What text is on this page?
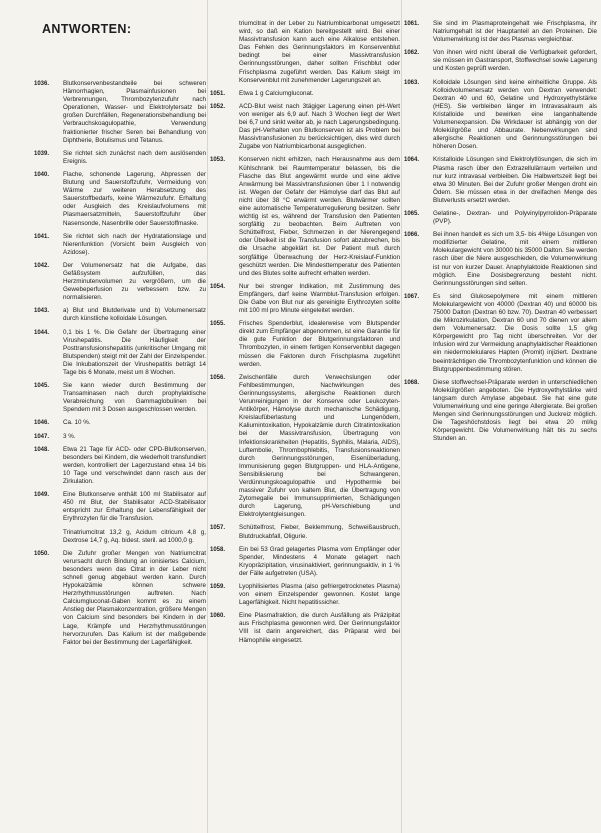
ANTWORTEN:
1036.	Blutkonservenbestandteile bei schweren Hämorrhagien, Plasmainfusionen bei Verbrennungen, Thrombozytenzufuhr nach Operationen, Wasser- und Elektrolytersatz bei großen Durchfällen, Regenerationsbehandlung bei Verbrauchskoagulopathie, Verwendung fraktionierter frischer Seren bei Behandlung von Diphtherie, Botulismus und Tetanus.
1039.	Sie richtet sich zunächst nach dem auslösenden Ereignis.
1040.	Flache, schonende Lagerung, Abpressen der Blutung und Sauerstoffzufuhr, Vermeidung von Wärme zur weiteren Herabsetzung des Sauerstoffbedarfs, keine Wärmezufuhr. Erhaltung oder Ausgleich des Kreislaufvolumens mit Plasmaersatzmitteln, Sauerstoffzufuhr über Nasensonde, Nasenbrille oder Sauerstoffmaske.
1041.	Sie richtet sich nach der Hydratationslage und Nierenfunktion (Vorsicht beim Ausgleich von Azidose).
1042.	Der Volumenersatz hat die Aufgabe, das Gefäßsystem aufzufüllen, das Herzminutenvolumen zu vergrößern, um die Gewebeperfusion zu verbessern bzw. zu normalisieren.
1043.	a) Blut und Blutderivate und b) Volumenersatz durch künstliche kolloidale Lösungen.
1044.	0,1 bis 1 %. Die Gefahr der Übertragung einer Virushepatitis. Die Häufigkeit der Posttransfusionshepatitis (unkritischer Umgang mit Blutspenden) steigt mit der Zahl der Einzelspender. Die Inkubationszeit der Virushepatitis beträgt 14 Tage bis 6 Monate, meist um 8 Wochen.
1045.	Sie kann wieder durch Bestimmung der Transaminasen nach durch prophylaktische Verabreichung von Gammaglobulinen bei Spendern mit 3 Dosen ausgeschlossen werden.
1046.	Ca. 10 %.
1047.	3 %.
1048.	Etwa 21 Tage für ACD- oder CPD-Blutkonserven, besonders bei Kindern, die wiederholt transfundiert werden, kontrolliert der Lagerzustand etwa 14 bis 10 Tage und verschwindet dann rasch aus der Zirkulation.
1049.	Eine Blutkonserve enthält 100 ml Stabilisator auf 450 ml Blut, der Stabilisator ACD-Stabilisator entspricht zur Erhaltung der Lebensfähigkeit der Erythrozyten für die Transfusion.
Trinatriumcitrat 13,2 g, Acidum citricum 4,8 g, Dextrose 14,7 g, Aq. bidest. steril. ad 1000,0 g.
1050.	Die Zufuhr großer Mengen von Natriumcitrat verursacht durch Bindung an ionisiertes Calcium, besonders wenn das Citrat in der Leber nicht schnell genug abgebaut werden kann. Durch Hypokalzämie können schwere Herzrhythmusstörungen auftreten. Nach Calciumgluconat-Gaben kommt es zu einem Anstieg der Plasmakonzentration, größere Mengen von Calcium sind besonders bei Kindern in der Lage, Krämpfe und Herzrhythmusstörungen hervorzurufen. Das Kalium ist der maßgebende Faktor bei der Bestimmung der Lagerfähigkeit.
triumcitrat in der Leber zu Natriumbicarbonat umgesetzt wird, so daß ein Kation bereitgestellt wird. Bei einer Massivtransfusion kann auch eine Alkalose entstehen. Das Fehlen des Gerinnungsfaktors im Konservenblut bedingt bei einer Massivtransfusion Gerinnungsstörungen, daher sollten Frischblut oder Frischplasma zugeführt werden. Das Kalium steigt im Konservenblut mit zunehmender Lagerungszeit an.
1051.	Etwa 1 g Calciumgluconat.
1052.	ACD-Blut weist nach 3tägiger Lagerung einen pH-Wert von weniger als 6,9 auf. Nach 3 Wochen liegt der Wert bei 6,7 und sinkt weiter ab, je nach Lagerungsbedingung. Das pH-Verhalten von Blutkonserven ist als Problem bei Massivtransfusionen zu berücksichtigen, dies wird durch Zugabe von Natriumbicarbonat ausgeglichen.
1053.	Konserven nicht erhitzen, nach Herausnahme aus dem Kühlschrank bei Raumtemperatur belassen, bis die Flasche das Blut angewärmt wurde und eine aktive Anwärmung bei Massivtransfusionen über 1 l notwendig ist. Wegen der Gefahr der Hämolyse darf das Blut auf nicht über 38 °C erwärmt werden. Blutwärmer sollten eine automatische Temperaturregulierung besitzen. Sehr wichtig ist es, während der Transfusion den Patienten sorgfältig zu beobachten. Beim Auftreten von Schüttelfrost, Fieber, Schmerzen in der Nierengegend oder Übelkeit ist die Transfusion sofort abzubrechen, bis die Ursache abgeklärt ist. Der Patient muß durch sorgfältige Überwachung der Herz-Kreislauf-Funktion geschützt werden. Die Mindesttemperatur des Patienten und des Blutes sollte aufrecht erhalten werden.
1054.	Nur bei strenger Indikation, mit Zustimmung des Empfängers, darf keine Warmblut-Transfusion erfolgen. Die Gabe von Blut nur als gereinigte Erythrozyten sollte mit 100 ml pro Minute eingeleitet werden.
1055.	Frisches Spenderblut, idealerweise vom Blutspender direkt zum Empfänger abgenommen, ist eine Garantie für die gute Funktion der Blutgerinnungsfaktoren und Thrombozyten, in einem fertigen Konservenblut dagegen müssen die Faktoren durch Frischplasma zugeführt werden.
1056.	Zwischenfälle durch Verwechslungen oder Fehlbestimmungen, Nachwirkungen des Gerinnungssystems, allergische Reaktionen durch Verunreinigungen in der Konserve oder Leukozyten-Antikörper, Hämolyse durch mechanische Schädigung, Kreislaufüberlastung und Lungenödem, Kaliumintoxikation, Hypokalzämie durch Citratintoxikation bei der Massivtransfusion, Übertragung von Infektionskrankheiten (Hepatitis, Syphilis, Malaria, AIDS), Luftembolie, Thrombophlebitis, Transfusionsreaktionen durch Gerinnungsstörungen, Eisenüberladung, Immunisierung gegen Blutgruppen- und HLA-Antigene, Sensibilisierung bei Schwangeren, Verdünnungskoagulopathie und Hypothermie bei massiver Zufuhr von kaltem Blut, die Übertragung von Zytomegalie bei Immunsupprimierten, Schädigungen durch Lagerung, pH-Verschiebung und Elektrolytentgleisungen.
1057.	Schüttelfrost, Fieber, Beklemmung, Schweißausbruch, Blutdruckabfall, Oligurie.
1058.	Ein bei 53 Grad gelagertes Plasma vom Empfänger oder Spender, Mindestens 4 Monate gelagert nach Kryopräzipitation, virusinaktiviert, gerinnungsaktiv, in 1 % der Fälle aufgetreten (USA).
1059.	Lyophilisiertes Plasma (also gefriergetrocknetes Plasma) von einem Einzelspender gewonnen. Kostet lange Lagerfähigkeit. Nicht hepatitissicher.
1060.	Eine Plasmafraktion, die durch Ausfällung als Präzipitat aus Frischplasma gewonnen wird. Der Gerinnungsfaktor VIII ist darin angereichert, das Präparat wird bei Hämophilie eingesetzt.
1061.	Sie sind im Plasmaproteingehalt wie Frischplasma, ihr Natriumgehalt ist der Hauptanteil an den Proteinen. Die Volumenwirkung ist der des Plasmas vergleichbar.
1062.	Von ihnen wird nicht überall die Verfügbarkeit gefordert, sie müssen im Gastransport, Stoffwechsel sowie Lagerung und Kosten geprüft werden.
1063.	Kolloidale Lösungen sind keine einheitliche Gruppe. Als Kolloidvolumenersatz werden von Dextran verwendet: Dextran 40 und 60, Gelatine und Hydroxyethylstärke (HES). Sie verbleiben länger im Intravasalraum als Kristalloide und bewirken eine langanhaltende Volumenexpansion. Die Wirkdauer ist abhängig von der Molekülgröße und Abbaurate. Nebenwirkungen sind allergische Reaktionen und Gerinnungsstörungen bei höheren Dosen.
1064.	Kristalloide Lösungen sind Elektrolytlösungen, die sich im Plasma rasch über den Extrazellulärraum verteilen und nur kurz intravasal verbleiben. Die Halbwertszeit liegt bei etwa 30 Minuten. Bei der Zufuhr großer Mengen droht ein Ödem. Sie müssen etwa in der dreifachen Menge des Blutverlusts ersetzt werden.
1065.	Gelatine-, Dextran- und Polyvinylpyrrolidon-Präparate (PVP).
1066.	Bei ihnen handelt es sich um 3,5- bis 4%ige Lösungen von modifizierter Gelatine, mit einem mittleren Molekulargewicht von 30000 bis 35000 Dalton. Sie werden rasch über die Niere ausgeschieden, die Volumenwirkung ist nur von kurzer Dauer. Anaphylaktoide Reaktionen sind möglich. Eine Dosisbegrenzung besteht nicht. Gerinnungsstörungen sind selten.
1067.	Es sind Glukosepolymere mit einem mittleren Molekulargewicht von 40000 (Dextran 40) und 60000 bis 75000 Dalton (Dextran 60 bzw. 70). Dextran 40 verbessert die Mikrozirkulation, Dextran 60 und 70 dienen vor allem dem Volumenersatz. Die Dosis sollte 1,5 g/kg Körpergewicht pro Tag nicht überschreiten. Vor der Infusion wird zur Vermeidung anaphylaktischer Reaktionen ein niedermolekulares Hapten (Promit) injiziert. Dextrane beeinträchtigen die Thrombozytenfunktion und können die Blutgruppenbestimmung stören.
1068.	Diese stoffwechsel-Präparate werden in unterschiedlichen Molekülgrößen angeboten. Die Hydroxyethylstärke wird langsam durch Amylase abgebaut. Sie hat eine gute Volumenwirkung und eine geringe Allergierate. Bei großen Mengen sind Gerinnungsstörungen und Juckreiz möglich. Die Tageshöchstdosis liegt bei etwa 20 ml/kg Körpergewicht. Die Volumenwirkung hält bis zu sechs Stunden an.
